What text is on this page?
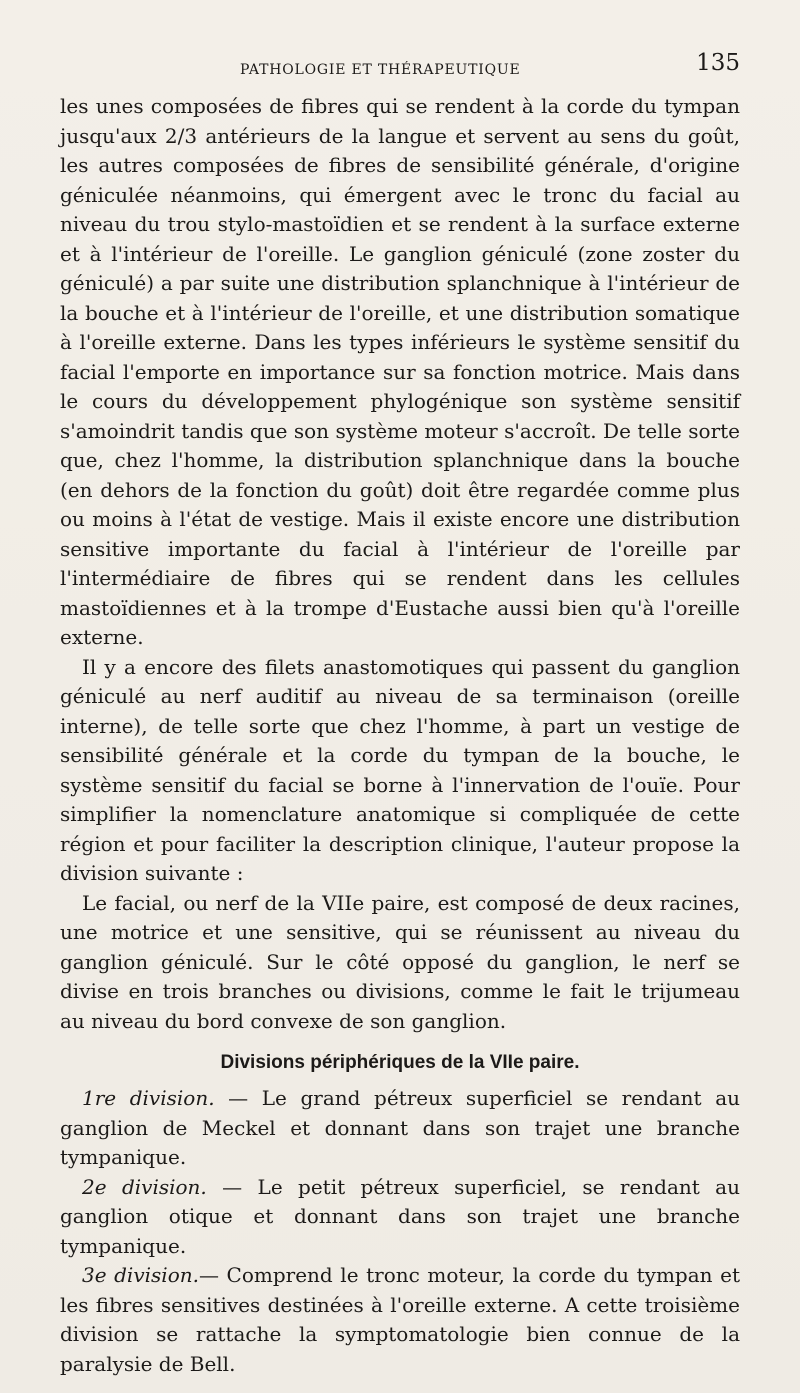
PATHOLOGIE ET THÉRAPEUTIQUE	135

les unes composées de fibres qui se rendent à la corde du tympan jusqu'aux 2/3 antérieurs de la langue et servent au sens du goût, les autres composées de fibres de sensibilité générale, d'origine géniculée néanmoins, qui émergent avec le tronc du facial au niveau du trou stylo-mastoïdien et se rendent à la surface externe et à l'intérieur de l'oreille. Le ganglion géniculé (zone zoster du géniculé) a par suite une distribution splanchnique à l'intérieur de la bouche et à l'intérieur de l'oreille, et une distribution somatique à l'oreille externe. Dans les types inférieurs le système sensitif du facial l'emporte en importance sur sa fonction motrice. Mais dans le cours du développement phylogénique son système sensitif s'amoindrit tandis que son système moteur s'accroît. De telle sorte que, chez l'homme, la distribution splanchnique dans la bouche (en dehors de la fonction du goût) doit être regardée comme plus ou moins à l'état de vestige. Mais il existe encore une distribution sensitive importante du facial à l'intérieur de l'oreille par l'intermédiaire de fibres qui se rendent dans les cellules mastoïdiennes et à la trompe d'Eustache aussi bien qu'à l'oreille externe.

Il y a encore des filets anastomotiques qui passent du ganglion géniculé au nerf auditif au niveau de sa terminaison (oreille interne), de telle sorte que chez l'homme, à part un vestige de sensibilité générale et la corde du tympan de la bouche, le système sensitif du facial se borne à l'innervation de l'ouïe. Pour simplifier la nomenclature anatomique si compliquée de cette région et pour faciliter la description clinique, l'auteur propose la division suivante :

Le facial, ou nerf de la VIIe paire, est composé de deux racines, une motrice et une sensitive, qui se réunissent au niveau du ganglion géniculé. Sur le côté opposé du ganglion, le nerf se divise en trois branches ou divisions, comme le fait le trijumeau au niveau du bord convexe de son ganglion.

Divisions périphériques de la VIIe paire.

1re division. — Le grand pétreux superficiel se rendant au ganglion de Meckel et donnant dans son trajet une branche tympanique.

2e division. — Le petit pétreux superficiel, se rendant au ganglion otique et donnant dans son trajet une branche tympanique.

3e division.— Comprend le tronc moteur, la corde du tympan et les fibres sensitives destinées à l'oreille externe. A cette troisième division se rattache la symptomatologie bien connue de la paralysie de Bell.
